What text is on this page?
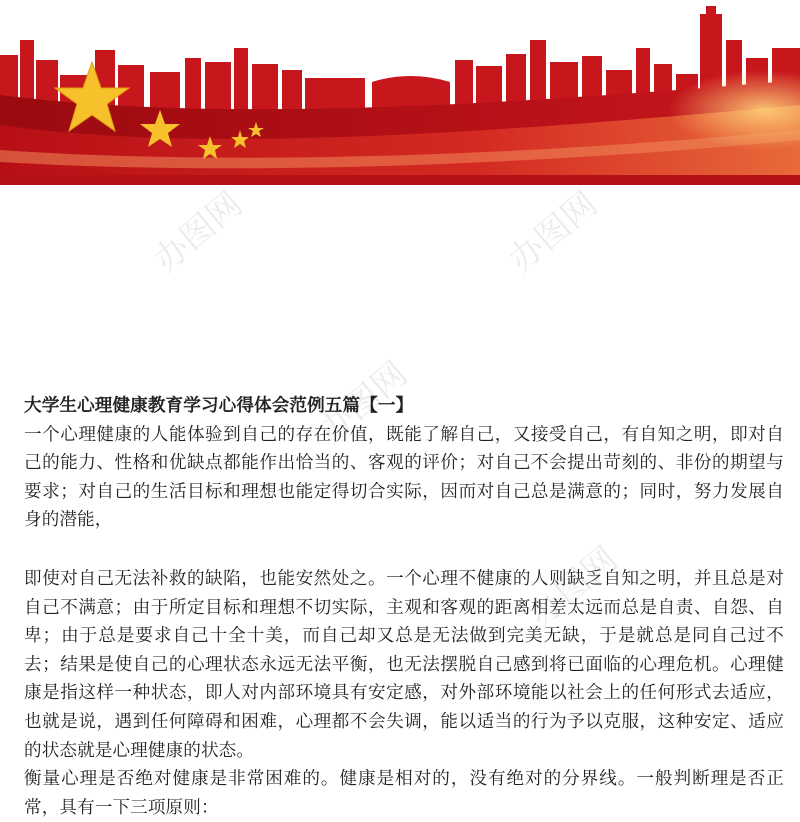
办图网	办图网
办图网
办图网

大学生心理健康教育学习心得体会范例五篇【一】

一个心理健康的人能体验到自己的存在价值，既能了解自己，又接受自己，有自知之明，即对自己的能力、性格和优缺点都能作出恰当的、客观的评价；对自己不会提出苛刻的、非份的期望与要求；对自己的生活目标和理想也能定得切合实际，因而对自己总是满意的；同时，努力发展自身的潜能，

即使对自己无法补救的缺陷，也能安然处之。一个心理不健康的人则缺乏自知之明，并且总是对自己不满意；由于所定目标和理想不切实际，主观和客观的距离相差太远而总是自责、自怨、自卑；由于总是要求自己十全十美，而自己却又总是无法做到完美无缺，于是就总是同自己过不去；结果是使自己的心理状态永远无法平衡，也无法摆脱自己感到将已面临的心理危机。心理健康是指这样一种状态，即人对内部环境具有安定感，对外部环境能以社会上的任何形式去适应，也就是说，遇到任何障碍和困难，心理都不会失调，能以适当的行为予以克服，这种安定、适应的状态就是心理健康的状态。

衡量心理是否绝对健康是非常困难的。健康是相对的，没有绝对的分界线。一般判断理是否正常，具有一下三项原则：
